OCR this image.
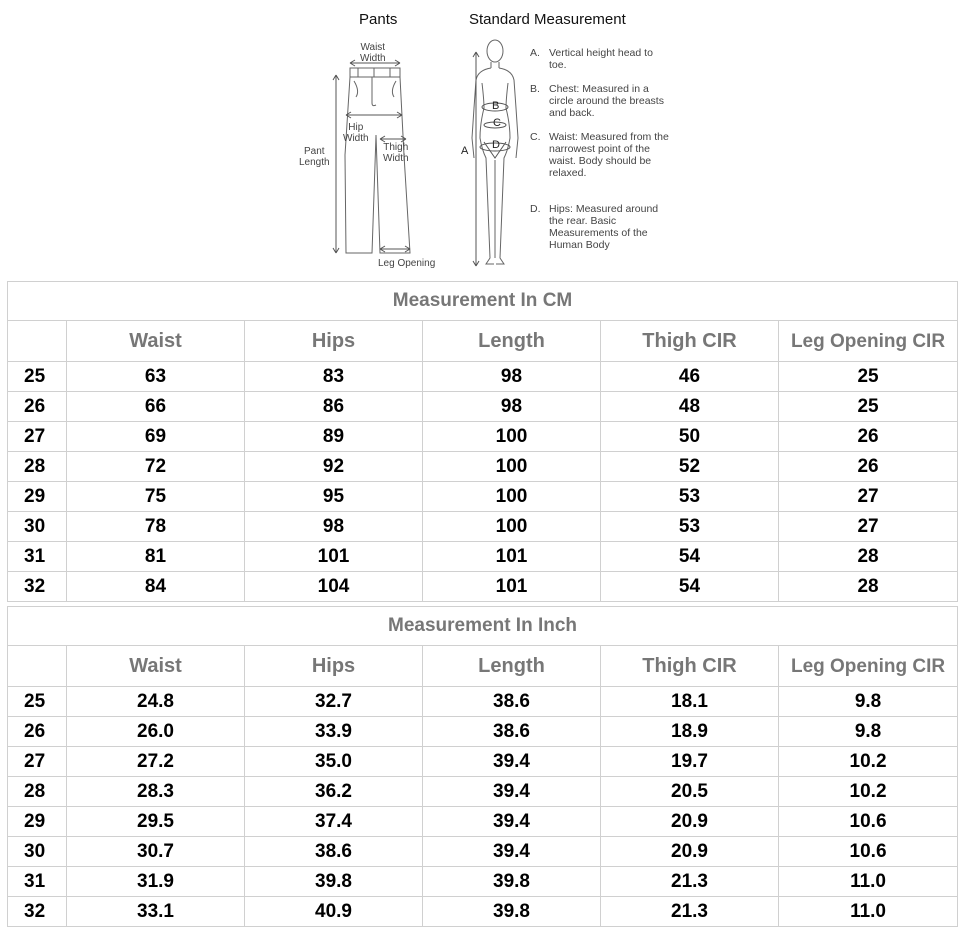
Pants	Standard Measurement
Waist
Width
Hip
Width
Pant
Length
Thigh
Width
Leg Opening
A
B
C
D
A. Vertical height head to toe.
B. Chest: Measured in a circle around the breasts and back.
C. Waist: Measured from the narrowest point of the waist. Body should be relaxed.
D. Hips: Measured around the rear. Basic Measurements of the Human Body
Measurement In CM					
	Waist	Hips	Length	Thigh CIR	Leg Opening CIR
25	63	83	98	46	25
26	66	86	98	48	25
27	69	89	100	50	26
28	72	92	100	52	26
29	75	95	100	53	27
30	78	98	100	53	27
31	81	101	101	54	28
32	84	104	101	54	28
Measurement In Inch					
	Waist	Hips	Length	Thigh CIR	Leg Opening CIR
25	24.8	32.7	38.6	18.1	9.8
26	26.0	33.9	38.6	18.9	9.8
27	27.2	35.0	39.4	19.7	10.2
28	28.3	36.2	39.4	20.5	10.2
29	29.5	37.4	39.4	20.9	10.6
30	30.7	38.6	39.4	20.9	10.6
31	31.9	39.8	39.8	21.3	11.0
32	33.1	40.9	39.8	21.3	11.0
